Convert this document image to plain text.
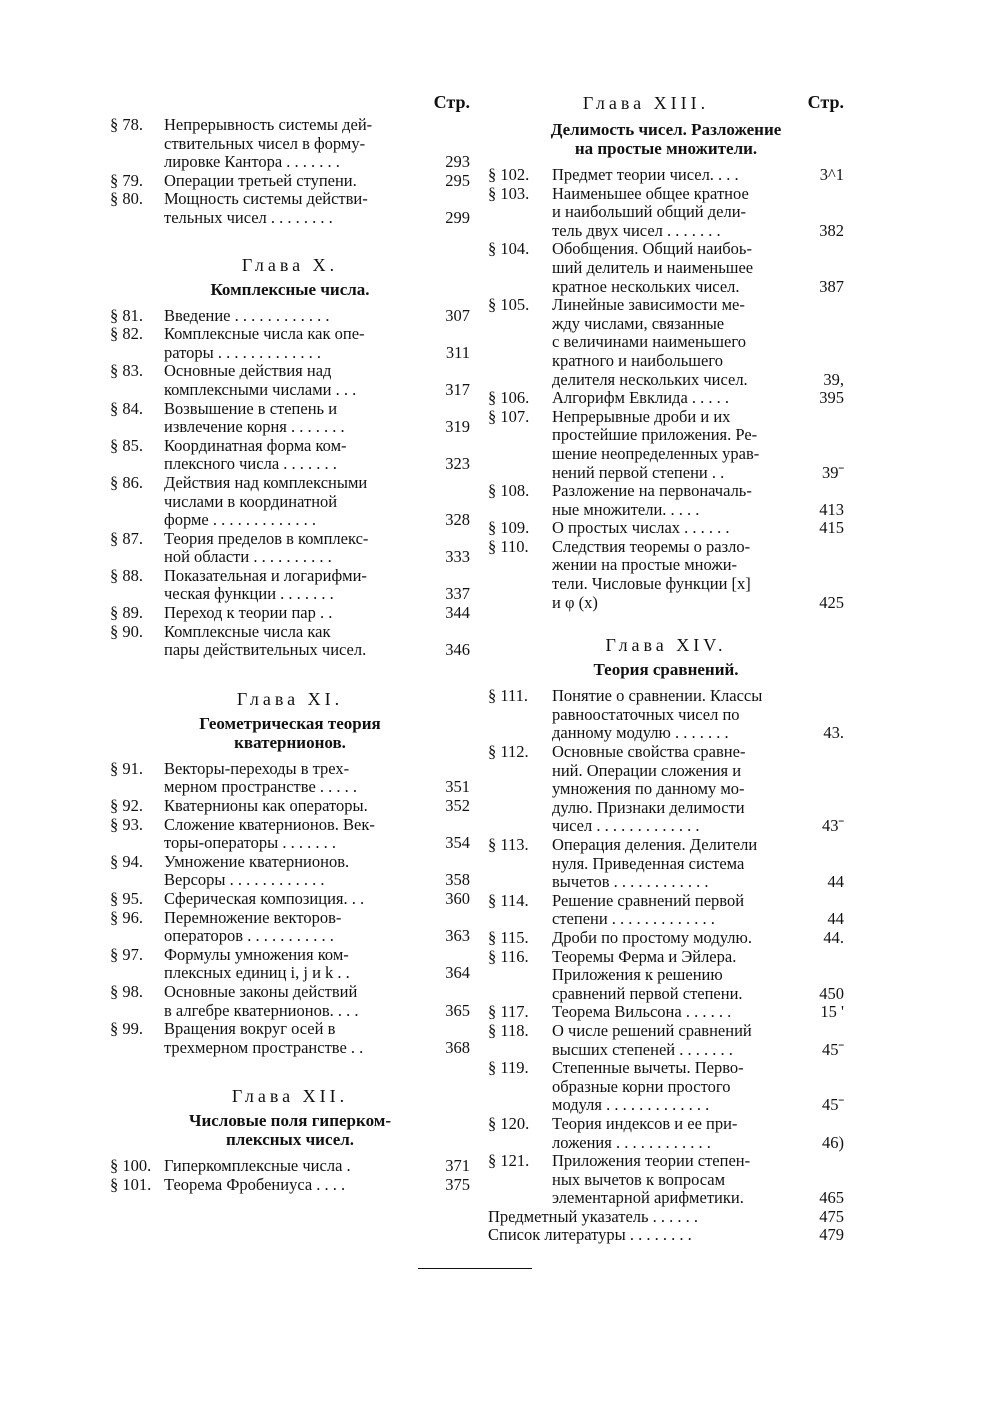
Стр.
§ 78.	Непрерывность системы дей-
ствительных чисел в форму-
лировке Кантора . . . . . . .	293
§ 79.	Операции третьей ступени.	295
§ 80.	Мощность системы действи-
тельных чисел . . . . . . . .	299
Глава X.
Комплексные числа.
§ 81.	Введение . . . . . . . . . . . .	307
§ 82.	Комплексные числа как опе-
раторы . . . . . . . . . . . . .	311
§ 83.	Основные действия над
комплексными числами . . .	317
§ 84.	Возвышение в степень и
извлечение корня . . . . . . .	319
§ 85.	Координатная форма ком-
плексного числа . . . . . . .	323
§ 86.	Действия над комплексными
числами в координатной
форме . . . . . . . . . . . . .	328
§ 87.	Теория пределов в комплекс-
ной области . . . . . . . . . .	333
§ 88.	Показательная и логарифми-
ческая функции . . . . . . .	337
§ 89.	Переход к теории пар . .	344
§ 90.	Комплексные числа как
пары действительных чисел.	346
Глава XI.
Геометрическая теория
кватернионов.
§ 91.	Векторы-переходы в трех-
мерном пространстве . . . . .	351
§ 92.	Кватернионы как операторы.	352
§ 93.	Сложение кватернионов. Век-
торы-операторы . . . . . . .	354
§ 94.	Умножение кватернионов.
Версоры . . . . . . . . . . . .	358
§ 95.	Сферическая композиция. . .	360
§ 96.	Перемножение векторов-
операторов . . . . . . . . . . .	363
§ 97.	Формулы умножения ком-
плексных единиц i, j и k . .	364
§ 98.	Основные законы действий
в алгебре кватернионов. . . .	365
§ 99.	Вращения вокруг осей в
трехмерном пространстве . .	368
Глава XII.
Числовые поля гиперком-
плексных чисел.
§ 100. Гиперкомплексные числа .	371
§ 101. Теорема Фробениуса . . . .	375
Глава XIII.	Стр.
Делимость чисел. Разложение
на простые множители.
§ 102.	Предмет теории чисел. . . .	3^1
§ 103.	Наименьшее общее кратное
и наибольший общий дели-
тель двух чисел . . . . . . .	382
§ 104.	Обобщения. Общий наибоь-
ший делитель и наименьшее
кратное нескольких чисел.	387
§ 105.	Линейные зависимости ме-
жду числами, связанные
с величинами наименьшего
кратного и наибольшего
делителя нескольких чисел.	39,
§ 106.	Алгорифм Евклида . . . . .	395
§ 107.	Непрерывные дроби и их
простейшие приложения. Ре-
шение неопределенных урав-
нений первой степени . .	39ˉ
§ 108.	Разложение на первоначаль-
ные множители. . . . .	413
§ 109.	О простых числах . . . . . .	415
§ 110.	Следствия теоремы о разло-
жении на простые множи-
тели. Числовые функции [x]
и φ (x)	425
Глава XIV.
Теория сравнений.
§ 111.	Понятие о сравнении. Классы
равноостаточных чисел по
данному модулю . . . . . . .	43.
§ 112.	Основные свойства сравне-
ний. Операции сложения и
умножения по данному мо-
дулю. Признаки делимости
чисел . . . . . . . . . . . . .	43ˉ
§ 113.	Операция деления. Делители
нуля. Приведенная система
вычетов . . . . . . . . . . . .	44
§ 114.	Решение сравнений первой
степени . . . . . . . . . . . . .	44
§ 115.	Дроби по простому модулю.	44.
§ 116.	Теоремы Ферма и Эйлера.
Приложения к решению
сравнений первой степени.	450
§ 117.	Теорема Вильсона . . . . . .	15 '
§ 118.	О числе решений сравнений
высших степеней . . . . . . .	45ˉ
§ 119.	Степенные вычеты. Перво-
образные корни простого
модуля . . . . . . . . . . . . .	45ˉ
§ 120.	Теория индексов и ее при-
ложения . . . . . . . . . . . .	46)
§ 121.	Приложения теории степен-
ных вычетов к вопросам
элементарной арифметики.	465
Предметный указатель . . . . . .	475
Список литературы . . . . . . . .	479
